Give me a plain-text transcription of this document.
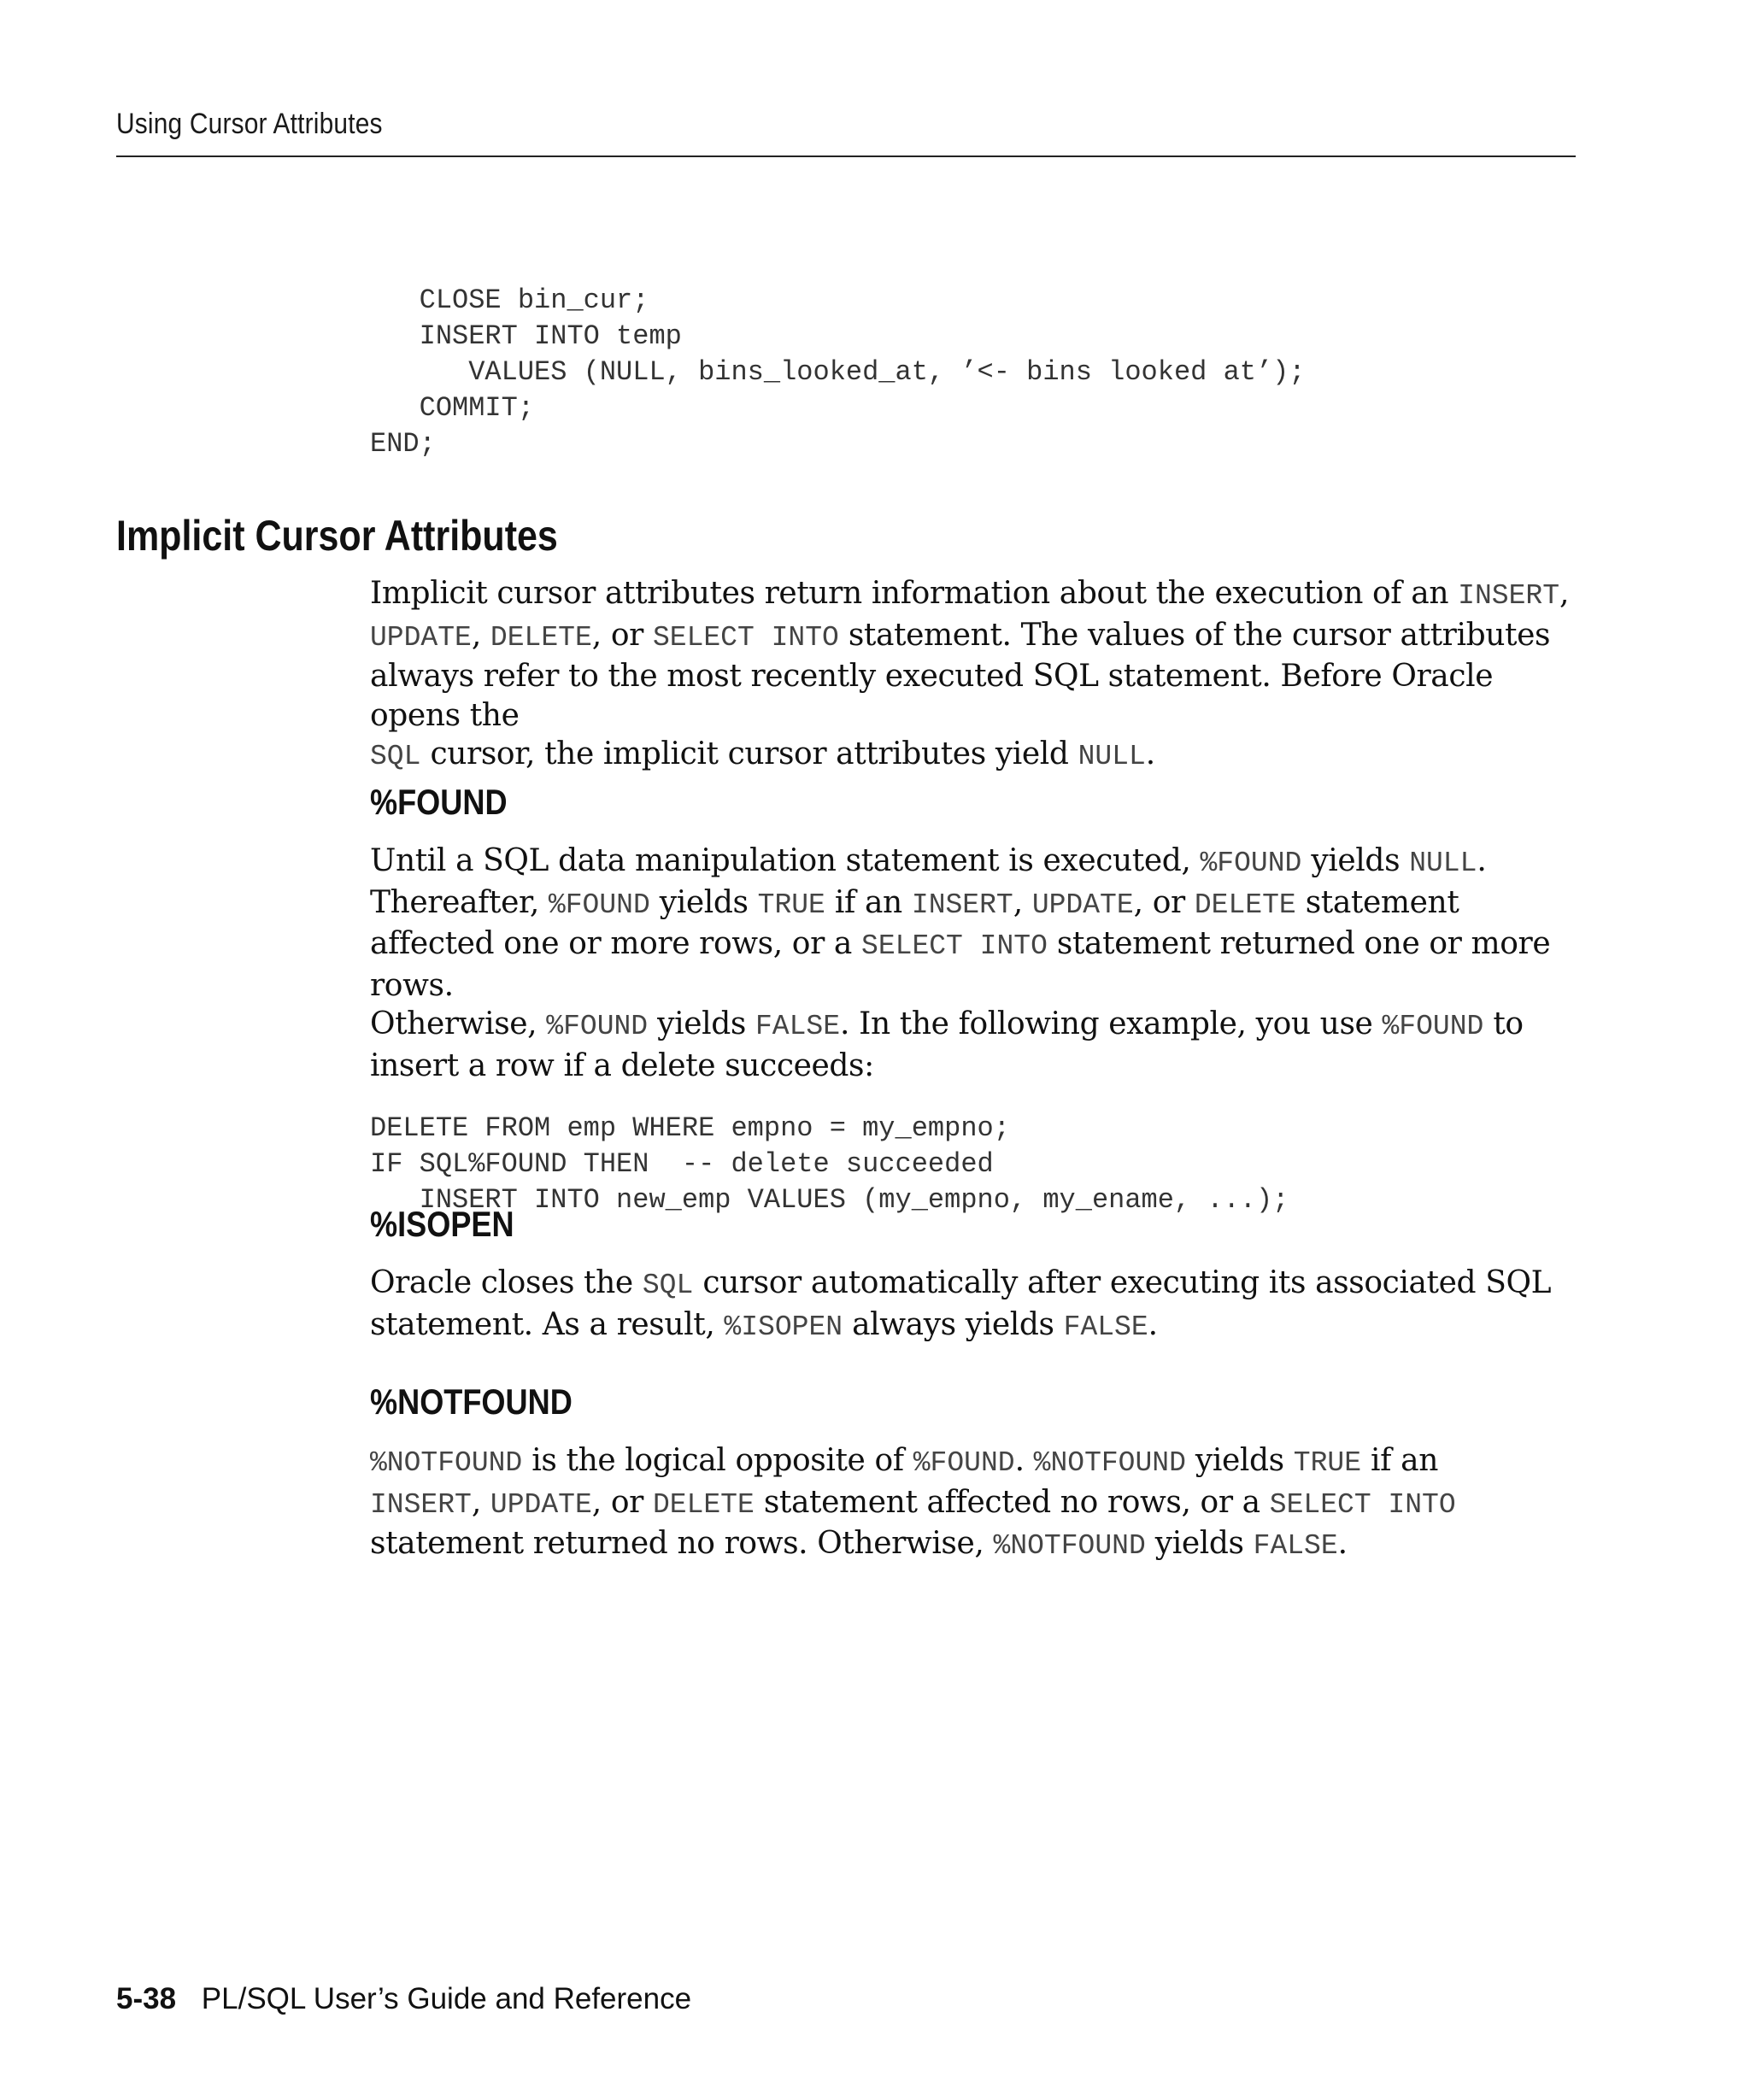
Using Cursor Attributes
CLOSE bin_cur;
INSERT INTO temp
VALUES (NULL, bins_looked_at, ’<- bins looked at’);
COMMIT;
END;
Implicit Cursor Attributes

Implicit cursor attributes return information about the execution of an INSERT,
UPDATE, DELETE, or SELECT INTO statement. The values of the cursor attributes
always refer to the most recently executed SQL statement. Before Oracle opens the
SQL cursor, the implicit cursor attributes yield NULL.

%FOUND

Until a SQL data manipulation statement is executed, %FOUND yields NULL.
Thereafter, %FOUND yields TRUE if an INSERT, UPDATE, or DELETE statement
affected one or more rows, or a SELECT INTO statement returned one or more rows.
Otherwise, %FOUND yields FALSE. In the following example, you use %FOUND to
insert a row if a delete succeeds:

DELETE FROM emp WHERE empno = my_empno;
IF SQL%FOUND THEN  -- delete succeeded
INSERT INTO new_emp VALUES (my_empno, my_ename, ...);
%ISOPEN

Oracle closes the SQL cursor automatically after executing its associated SQL
statement. As a result, %ISOPEN always yields FALSE.

%NOTFOUND

%NOTFOUND is the logical opposite of %FOUND. %NOTFOUND yields TRUE if an
INSERT, UPDATE, or DELETE statement affected no rows, or a SELECT INTO
statement returned no rows. Otherwise, %NOTFOUND yields FALSE.

5-38 PL/SQL User’s Guide and Reference
